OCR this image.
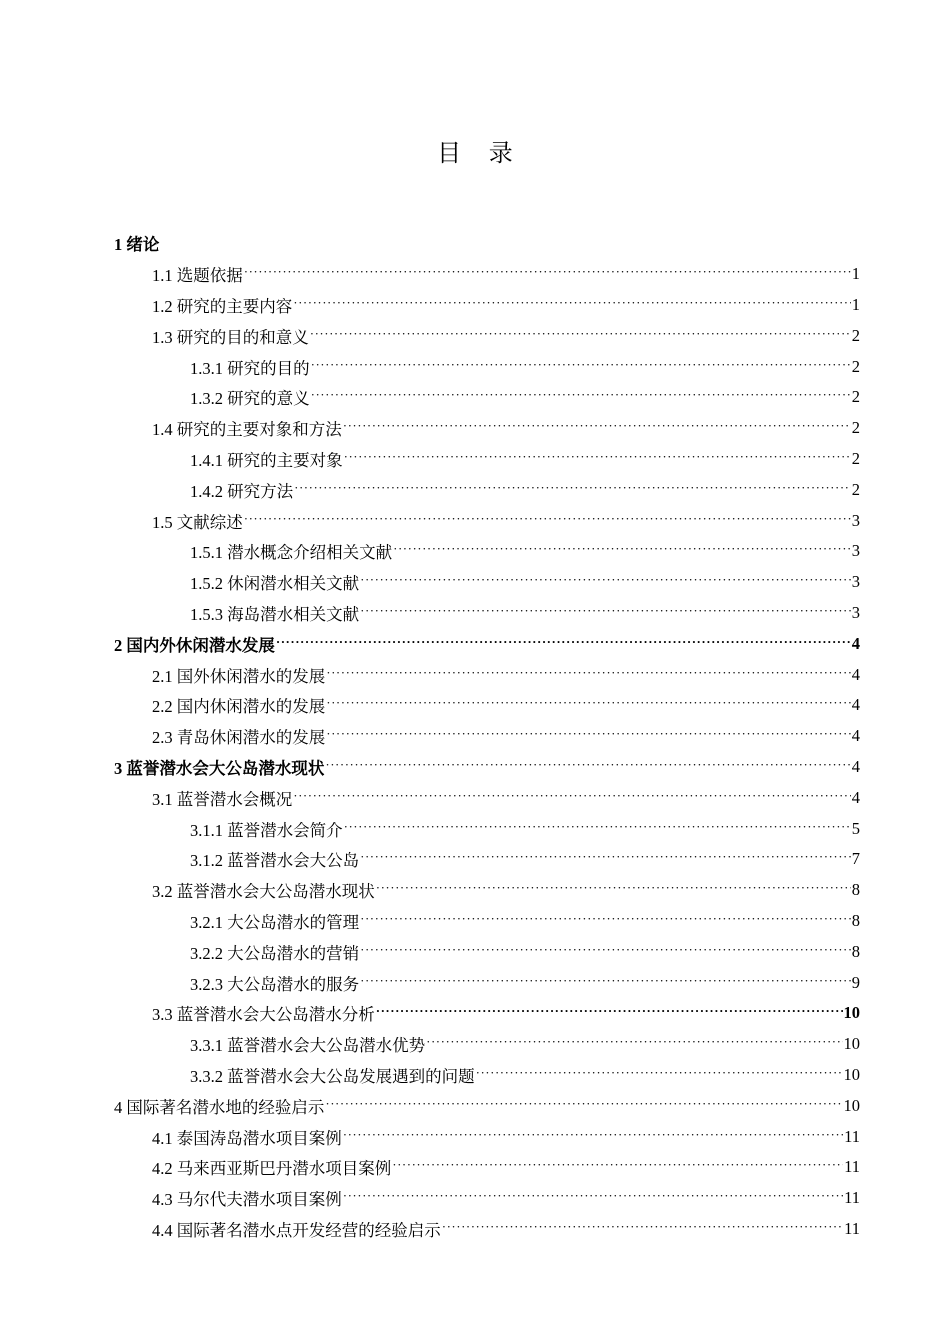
目 录
1 绪论
1.1 选题依据 ·····	1
1.2 研究的主要内容 ·····	1
1.3 研究的目的和意义 ·····	2
1.3.1 研究的目的 ·····	2
1.3.2 研究的意义 ·····	2
1.4 研究的主要对象和方法 ·····	2
1.4.1 研究的主要对象 ·····	2
1.4.2 研究方法 ·····	2
1.5 文献综述 ·····	3
1.5.1 潜水概念介绍相关文献 ·····	3
1.5.2 休闲潜水相关文献 ·····	3
1.5.3 海岛潜水相关文献 ·····	3
2 国内外休闲潜水发展 ·····	4
2.1 国外休闲潜水的发展 ·····	4
2.2 国内休闲潜水的发展 ·····	4
2.3 青岛休闲潜水的发展 ·····	4
3 蓝誉潜水会大公岛潜水现状 ·····	4
3.1 蓝誉潜水会概况 ·····	4
3.1.1 蓝誉潜水会简介 ·····	5
3.1.2 蓝誉潜水会大公岛 ·····	7
3.2 蓝誉潜水会大公岛潜水现状 ·····	8
3.2.1 大公岛潜水的管理 ·····	8
3.2.2 大公岛潜水的营销 ·····	8
3.2.3 大公岛潜水的服务 ·····	9
3.3 蓝誉潜水会大公岛潜水分析 ·····	10
3.3.1 蓝誉潜水会大公岛潜水优势 ·····	10
3.3.2 蓝誉潜水会大公岛发展遇到的问题 ·····	10
4 国际著名潜水地的经验启示 ·····	10
4.1 泰国涛岛潜水项目案例 ·····	11
4.2 马来西亚斯巴丹潜水项目案例 ·····	11
4.3 马尔代夫潜水项目案例 ·····	11
4.4 国际著名潜水点开发经营的经验启示 ·····	11
